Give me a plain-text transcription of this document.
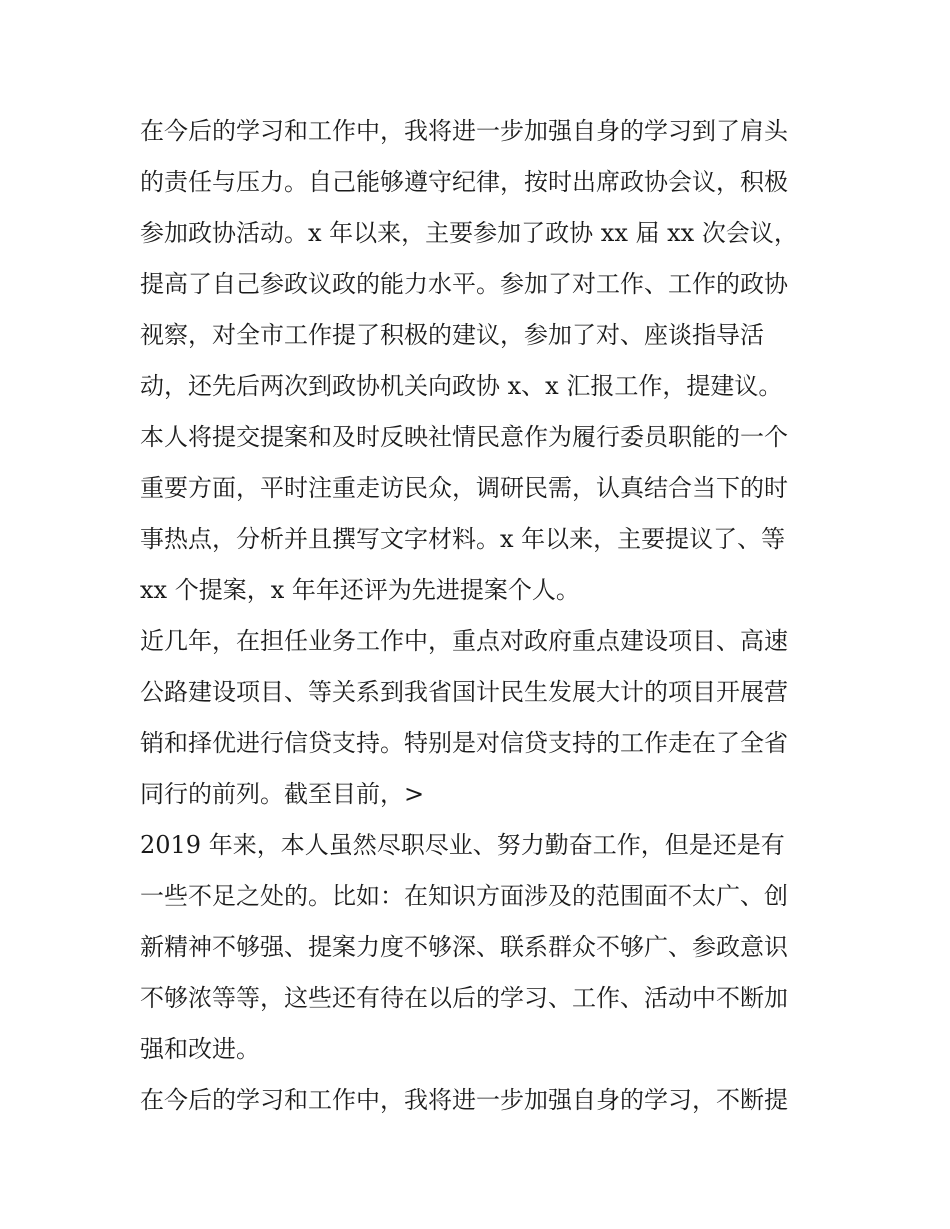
在今后的学习和工作中，我将进一步加强自身的学习到了肩头
的责任与压力。自己能够遵守纪律，按时出席政协会议，积极
参加政协活动。x 年以来，主要参加了政协 xx 届 xx 次会议，
提高了自己参政议政的能力水平。参加了对工作、工作的政协
视察，对全市工作提了积极的建议，参加了对、座谈指导活
动，还先后两次到政协机关向政协 x、x 汇报工作，提建议。
本人将提交提案和及时反映社情民意作为履行委员职能的一个
重要方面，平时注重走访民众，调研民需，认真结合当下的时
事热点，分析并且撰写文字材料。x 年以来，主要提议了、等
xx 个提案，x 年年还评为先进提案个人。
近几年，在担任业务工作中，重点对政府重点建设项目、高速
公路建设项目、等关系到我省国计民生发展大计的项目开展营
销和择优进行信贷支持。特别是对信贷支持的工作走在了全省
同行的前列。截至目前，>
2019 年来，本人虽然尽职尽业、努力勤奋工作，但是还是有
一些不足之处的。比如：在知识方面涉及的范围面不太广、创
新精神不够强、提案力度不够深、联系群众不够广、参政意识
不够浓等等，这些还有待在以后的学习、工作、活动中不断加
强和改进。
在今后的学习和工作中，我将进一步加强自身的学习，不断提
